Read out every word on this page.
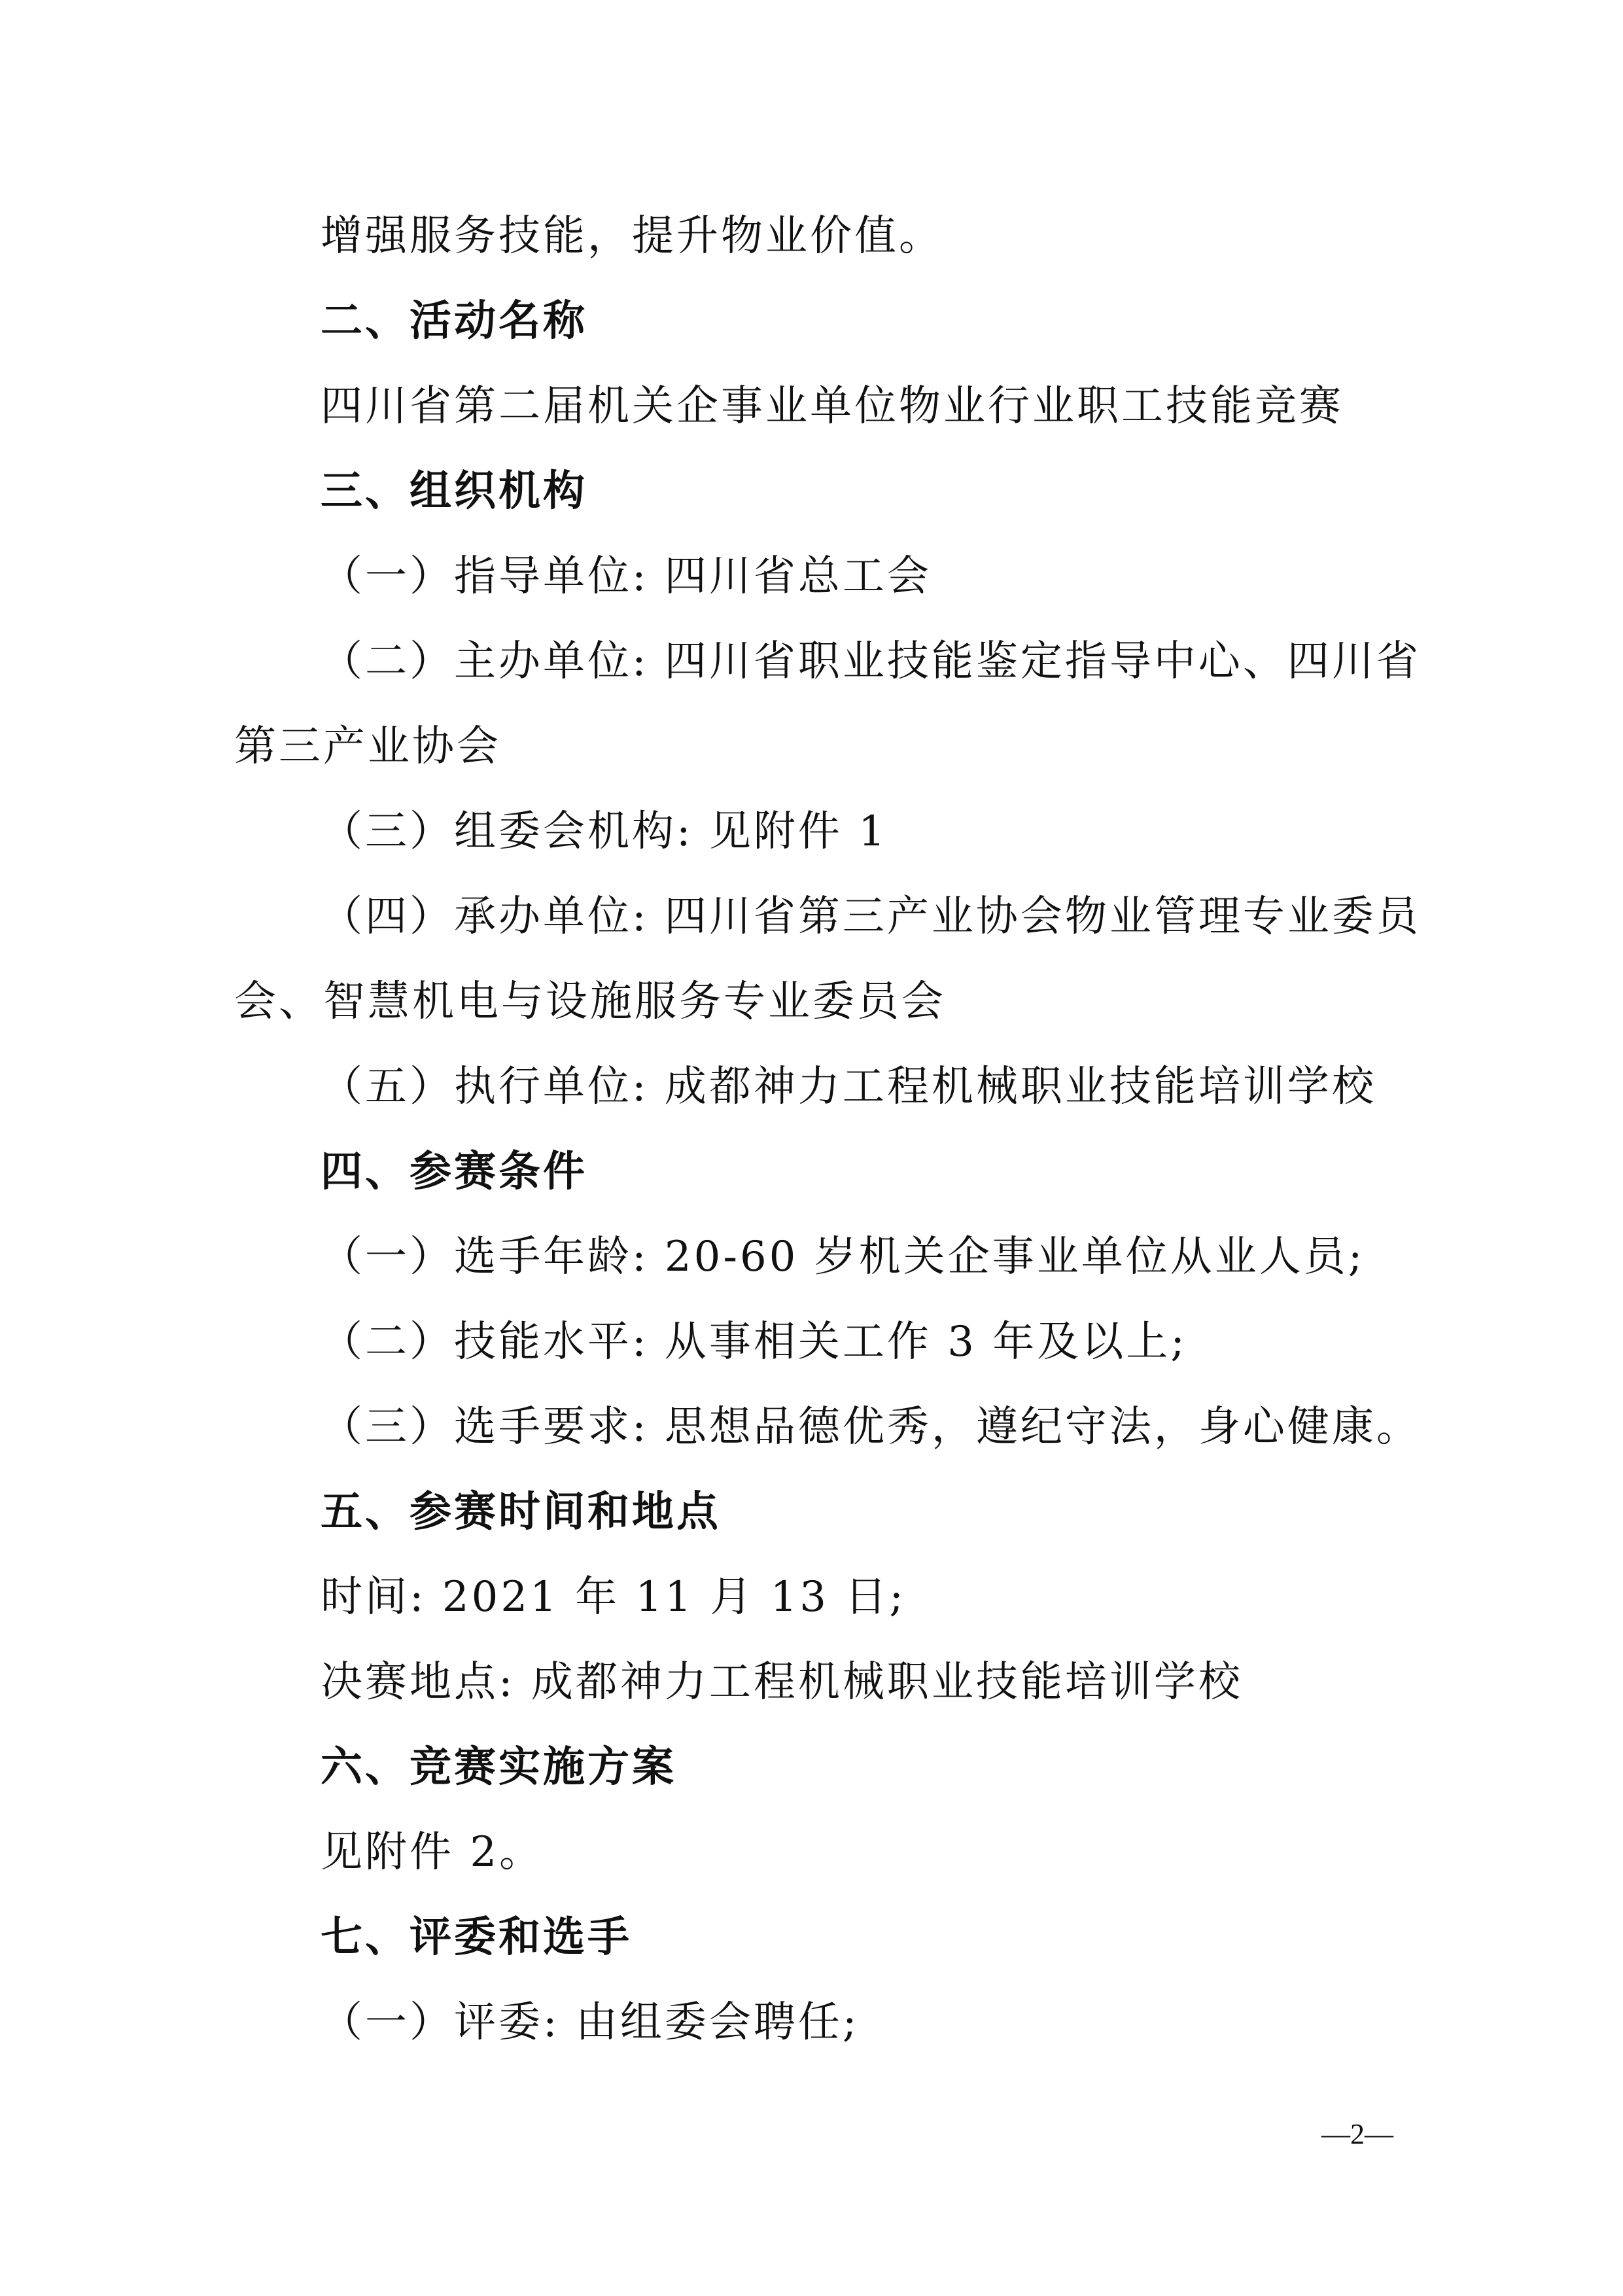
增强服务技能，提升物业价值。
二、活动名称
四川省第二届机关企事业单位物业行业职工技能竞赛
三、组织机构
（一）指导单位: 四川省总工会
（二）主办单位: 四川省职业技能鉴定指导中心、四川省
第三产业协会
（三）组委会机构: 见附件 1
（四）承办单位: 四川省第三产业协会物业管理专业委员
会、智慧机电与设施服务专业委员会
（五）执行单位: 成都神力工程机械职业技能培训学校
四、参赛条件
（一）选手年龄: 20-60 岁机关企事业单位从业人员;
（二）技能水平: 从事相关工作 3 年及以上;
（三）选手要求: 思想品德优秀，遵纪守法，身心健康。
五、参赛时间和地点
时间: 2021 年 11 月 13 日;
决赛地点: 成都神力工程机械职业技能培训学校
六、竞赛实施方案
见附件 2。
七、评委和选手
（一）评委: 由组委会聘任;
—2—
